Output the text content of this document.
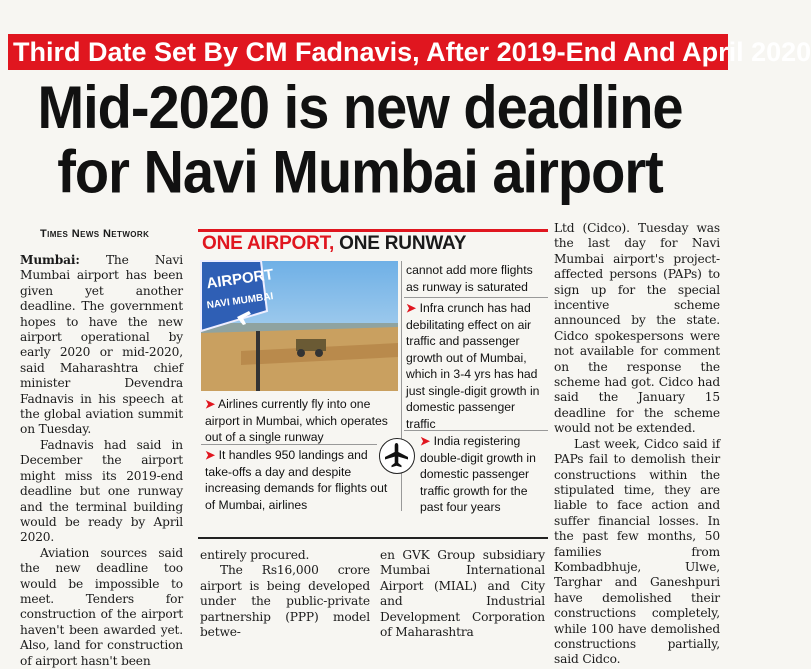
Third Date Set By CM Fadnavis, After 2019-End And April 2020
Mid-2020 is new deadline
for Navi Mumbai airport
Times News Network

Mumbai: The Navi Mumbai airport has been given yet another deadline. The government hopes to have the new airport operational by early 2020 or mid-2020, said Maharashtra chief minister Devendra Fadnavis in his speech at the global aviation summit on Tuesday.

Fadnavis had said in December the airport might miss its 2019-end deadline but one runway and the terminal building would be ready by April 2020.

Aviation sources said the new deadline too would be impossible to meet. Tenders for construction of the airport haven't been awarded yet. Also, land for construction of airport hasn't been

ONE AIRPORT, ONE RUNWAY
AIRPORT
NAVI MUMBAI
cannot add more flights as runway is saturated
➤ Infra crunch has had debilitating effect on air traffic and passenger growth out of Mumbai, which in 3-4 yrs has had just single-digit growth in domestic passenger traffic
➤ Airlines currently fly into one airport in Mumbai, which operates out of a single runway
➤ It handles 950 landings and take-offs a day and despite increasing demands for flights out of Mumbai, airlines
➤ India registering double-digit growth in domestic passenger traffic growth for the past four years

entirely procured.

The Rs16,000 crore airport is being developed under the public-private partnership (PPP) model betwe-

en GVK Group subsidiary Mumbai International Airport (MIAL) and City and Industrial Development Corporation of Maharashtra

Ltd (Cidco). Tuesday was the last day for Navi Mumbai airport's project-affected persons (PAPs) to sign up for the special incentive scheme announced by the state. Cidco spokespersons were not available for comment on the response the scheme had got. Cidco had said the January 15 deadline for the scheme would not be extended.

Last week, Cidco said if PAPs fail to demolish their constructions within the stipulated time, they are liable to face action and suffer financial losses. In the past few months, 50 families from Kombadbhuje, Ulwe, Targhar and Ganeshpuri have demolished their constructions completely, while 100 have demolished constructions partially, said Cidco.
